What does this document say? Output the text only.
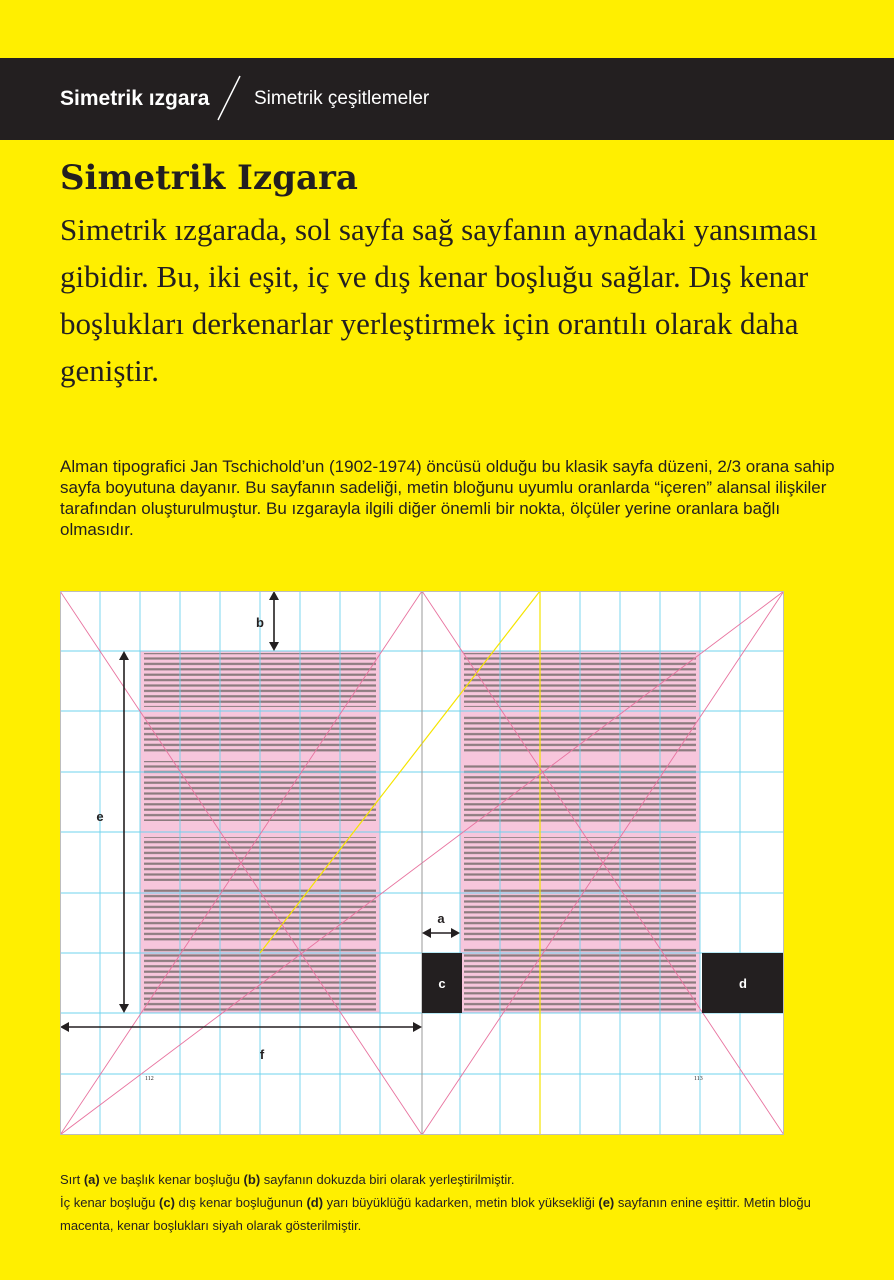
Simetrik ızgara Simetrik çeşitlemeler
Simetrik Izgara

Simetrik ızgarada, sol sayfa sağ sayfanın aynadaki yansıması gibidir. Bu, iki eşit, iç ve dış kenar boşluğu sağlar. Dış kenar boşlukları derkenarlar yerleştirmek için orantılı olarak daha geniştir.

Alman tipografici Jan Tschichold’un (1902-1974) öncüsü olduğu bu klasik sayfa düzeni, 2/3 orana sahip sayfa boyutuna dayanır. Bu sayfanın sadeliği, metin bloğunu uyumlu oranlarda “içeren” alansal ilişkiler tarafından oluşturulmuştur. Bu ızgarayla ilgili diğer önemli bir nokta, ölçüler yerine oranlara bağlı olmasıdır.

c	d
b
e
f
a
112	113

Sırt (a) ve başlık kenar boşluğu (b) sayfanın dokuzda biri olarak yerleştirilmiştir.
İç kenar boşluğu (c) dış kenar boşluğunun (d) yarı büyüklüğü kadarken, metin blok yüksekliği (e) sayfanın enine eşittir. Metin bloğu macenta, kenar boşlukları siyah olarak gösterilmiştir.
